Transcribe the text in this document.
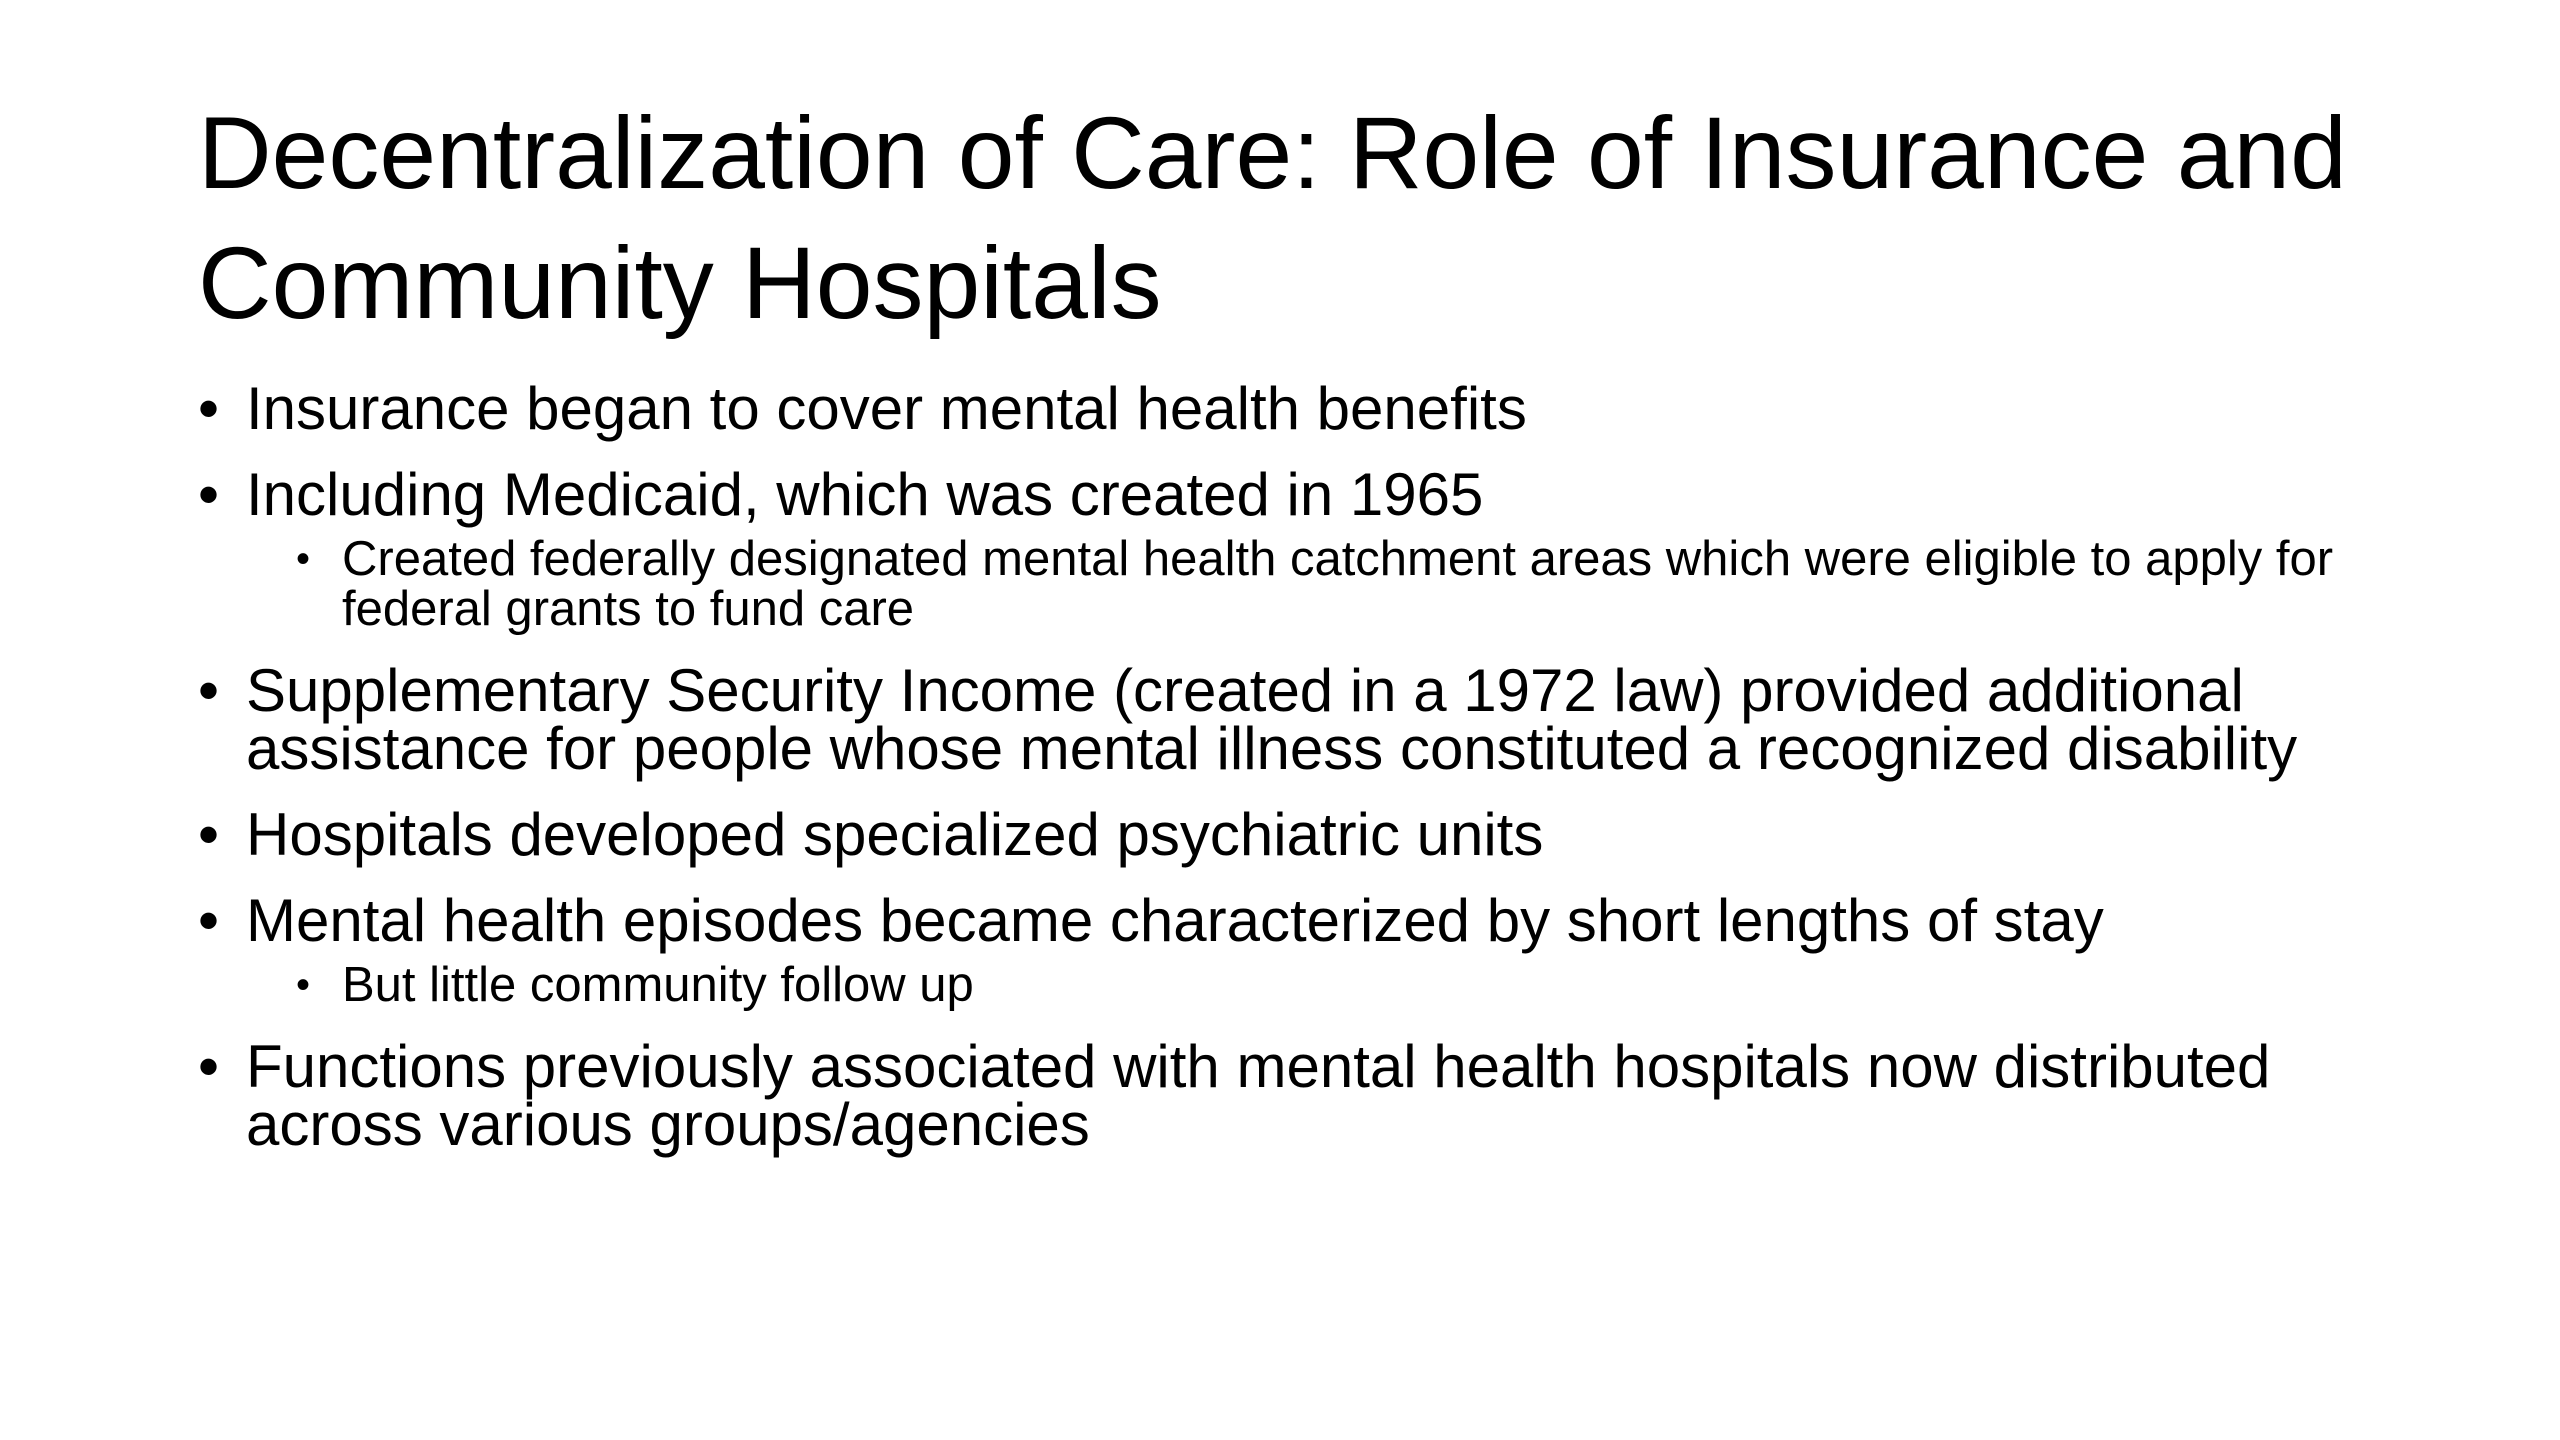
Decentralization of Care: Role of Insurance and Community Hospitals
• Insurance began to cover mental health benefits
• Including Medicaid, which was created in 1965
• Created federally designated mental health catchment areas which were eligible to apply for federal grants to fund care
• Supplementary Security Income (created in a 1972 law) provided additional assistance for people whose mental illness constituted a recognized disability
• Hospitals developed specialized psychiatric units
• Mental health episodes became characterized by short lengths of stay
• But little community follow up
• Functions previously associated with mental health hospitals now distributed across various groups/agencies
